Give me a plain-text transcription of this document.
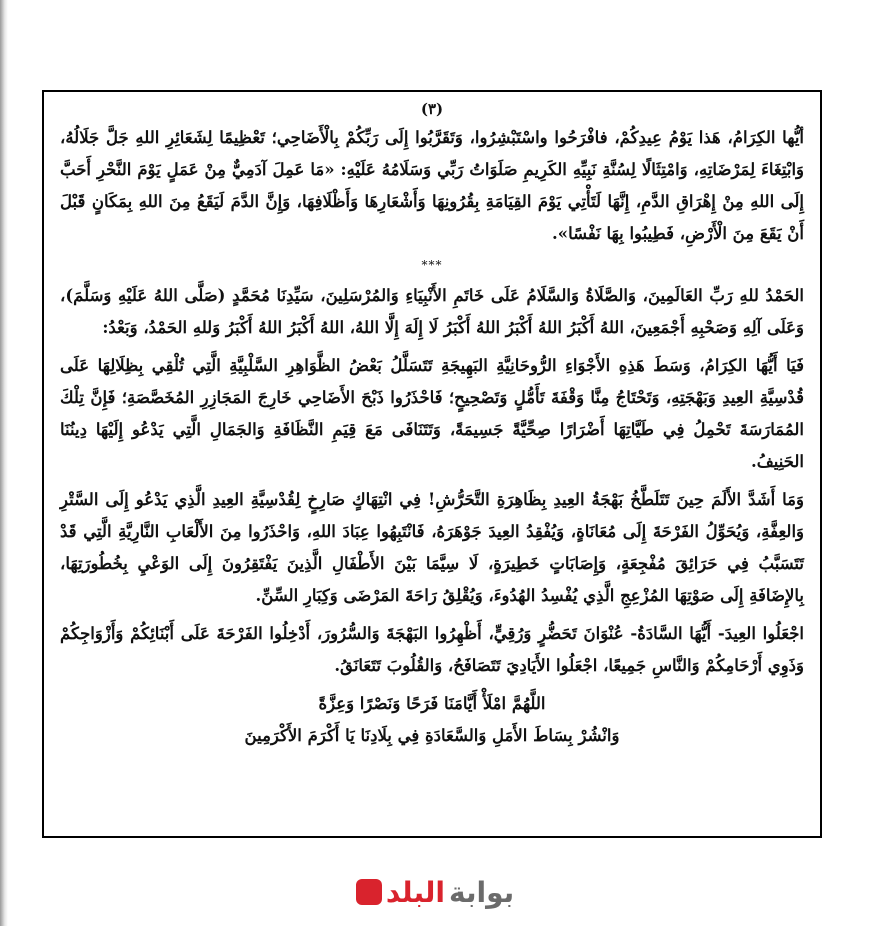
(٣)

أيُّها الكِرَامُ، هَذا يَوْمُ عِيدِكُمْ، فافْرَحُوا واسْتَبْشِرُوا، وَتَقَرَّبُوا إِلَى رَبِّكُمْ بِالْأَضَاحِي؛ تَعْظِيمًا لِشَعَائِرِ اللهِ جَلَّ جَلَالُهُ، وَابْتِغَاءَ لِمَرْضَاتِهِ، وَامْتِثَالًا لِسُنَّةِ نَبِيِّهِ الكَرِيمِ صَلَوَاتُ رَبِّي وَسَلَامُهُ عَلَيْهِ: «مَا عَمِلَ آدَمِيٌّ مِنْ عَمَلٍ يَوْمَ النَّحْرِ أَحَبَّ إِلَى اللهِ مِنْ إِهْرَاقِ الدَّمِ، إِنَّهَا لَتَأْتِي يَوْمَ القِيَامَةِ بِقُرُونِهَا وَأَشْعَارِهَا وَأَظْلَافِهَا، وَإِنَّ الدَّمَ لَيَقَعُ مِنَ اللهِ بِمَكَانٍ قَبْلَ أَنْ يَقَعَ مِنَ الْأَرْضِ، فَطِيبُوا بِهَا نَفْسًا».

***

الحَمْدُ للهِ رَبِّ العَالَمِينَ، وَالصَّلَاةُ وَالسَّلَامُ عَلَى خَاتَمِ الأَنْبِيَاءِ وَالمُرْسَلِينَ، سَيِّدِنَا مُحَمَّدٍ (صَلَّى اللهُ عَلَيْهِ وَسَلَّمَ)، وَعَلَى آلِهِ وَصَحْبِهِ أَجْمَعِينَ، اللهُ أَكْبَرُ اللهُ أَكْبَرُ اللهُ أَكْبَرُ لَا إِلَهَ إِلَّا اللهُ، اللهُ أَكْبَرُ اللهُ أَكْبَرُ وَللهِ الحَمْدُ، وَبَعْدُ:

فَيَا أَيُّهَا الكِرَامُ، وَسَطَ هَذِهِ الأَجْوَاءِ الرُّوحَانِيَّةِ البَهِيجَةِ تَتَسَلَّلُ بَعْضُ الظَّوَاهِرِ السَّلْبِيَّةِ الَّتِي تُلْقِي بِظِلَالِهَا عَلَى قُدْسِيَّةِ العِيدِ وَبَهْجَتِهِ، وَتَحْتَاجُ مِنَّا وَقْفَةَ تَأَمُّلٍ وَتَصْحِيحٍ؛ فَاحْذَرُوا ذَبْحَ الأَضَاحِي خَارِجَ المَجَازِرِ المُخَصَّصَةِ؛ فَإِنَّ تِلْكَ المُمَارَسَةَ تَحْمِلُ فِي طَيَّاتِهَا أَضْرَارًا صِحِّيَّةً جَسِيمَةً، وَتَتَنَافَى مَعَ قِيَمِ النَّظَافَةِ وَالجَمَالِ الَّتِي يَدْعُو إِلَيْهَا دِينُنَا الحَنِيفُ.

وَمَا أَشَدَّ الأَلَمَ حِينَ تَتَلَطَّخُ بَهْجَةُ العِيدِ بِظَاهِرَةِ التَّحَرُّشِ! فِي انْتِهَاكٍ صَارِخٍ لِقُدْسِيَّةِ العِيدِ الَّذِي يَدْعُو إِلَى السَّتْرِ وَالعِفَّةِ، وَيُحَوِّلُ الفَرْحَةَ إِلَى مُعَانَاةٍ، وَيُفْقِدُ العِيدَ جَوْهَرَهُ، فَانْتَبِهُوا عِبَادَ اللهِ، وَاحْذَرُوا مِنَ الأَلْعَابِ النَّارِيَّةِ الَّتِي قَدْ تَتَسَبَّبُ فِي حَرَائِقَ مُفْجِعَةٍ، وَإِصَابَاتٍ خَطِيرَةٍ، لَا سِيَّمَا بَيْنَ الأَطْفَالِ الَّذِينَ يَفْتَقِرُونَ إِلَى الوَعْيِ بِخُطُورَتِهَا، بِالإِضَافَةِ إِلَى صَوْتِهَا المُزْعِجِ الَّذِي يُفْسِدُ الهُدُوءَ، وَيُقْلِقُ رَاحَةَ المَرْضَى وَكِبَارِ السِّنِّ.

اجْعَلُوا العِيدَ- أَيُّهَا السَّادَةُ- عُنْوَانَ تَحَضُّرٍ وَرُقِيٍّ، أَظْهِرُوا البَهْجَةَ وَالسُّرُورَ، أَدْخِلُوا الفَرْحَةَ عَلَى أَبْنَائِكُمْ وَأَزْوَاجِكُمْ وَذَوِي أَرْحَامِكُمْ وَالنَّاسِ جَمِيعًا، اجْعَلُوا الأَيَادِيَ تَتَصَافَحُ، وَالقُلُوبَ تَتَعَانَقُ.

اللَّهُمَّ امْلَأْ أَيَّامَنَا فَرَحًا وَنَصْرًا وَعِزَّةً

وَانْشُرْ بِسَاطَ الأَمَلِ وَالسَّعَادَةِ فِي بِلَادِنَا يَا أَكْرَمَ الأَكْرَمِينَ

بوابة
البلد
